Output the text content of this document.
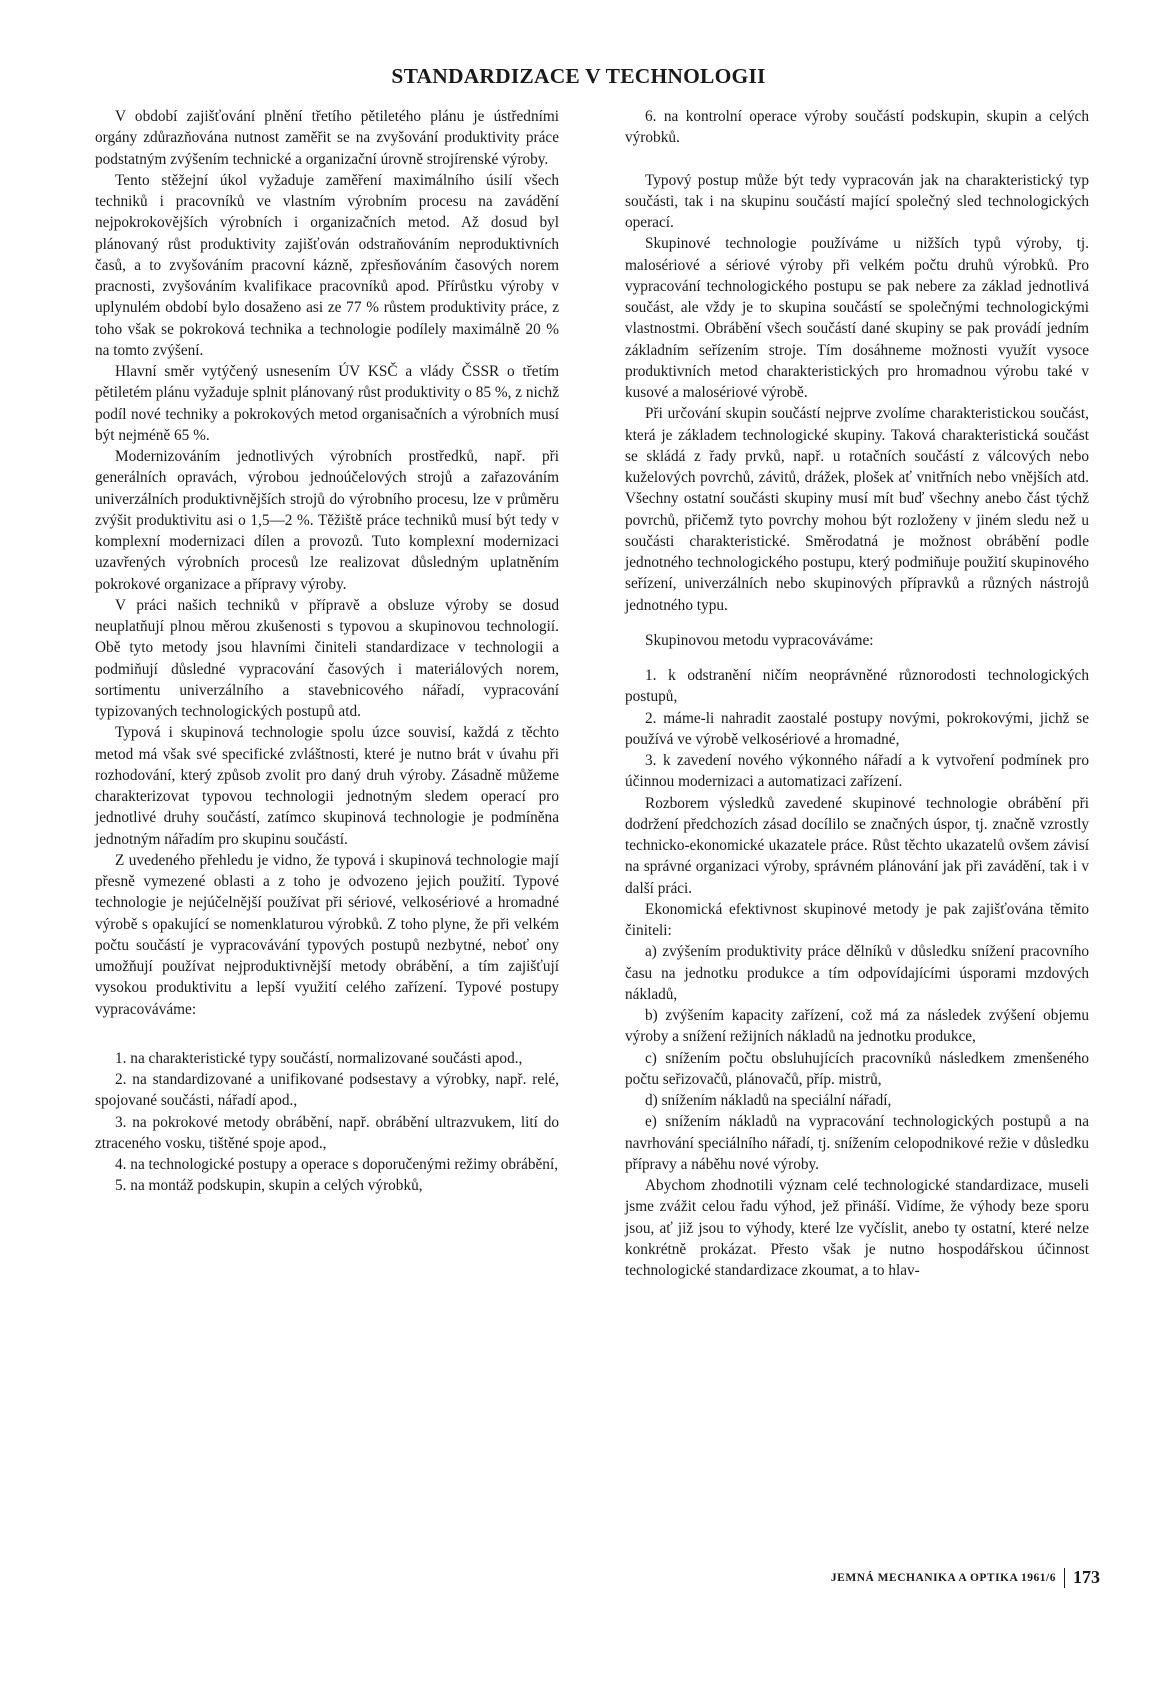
STANDARDIZACE V TECHNOLOGII

V období zajišťování plnění třetího pětiletého plánu je ústředními orgány zdůrazňována nutnost zaměřit se na zvyšování produktivity práce podstatným zvýšením technické a organizační úrovně strojírenské výroby.

Tento stěžejní úkol vyžaduje zaměření maximálního úsilí všech techniků i pracovníků ve vlastním výrobním procesu na zavádění nejpokrokovějších výrobních i organizačních metod. Až dosud byl plánovaný růst produktivity zajišťován odstraňováním neproduktivních časů, a to zvyšováním pracovní kázně, zpřesňováním časových norem pracnosti, zvyšováním kvalifikace pracovníků apod. Přírůstku výroby v uplynulém období bylo dosaženo asi ze 77 % růstem produktivity práce, z toho však se pokroková technika a technologie podílely maximálně 20 % na tomto zvýšení.

Hlavní směr vytýčený usnesením ÚV KSČ a vlády ČSSR o třetím pětiletém plánu vyžaduje splnit plánovaný růst produktivity o 85 %, z nichž podíl nové techniky a pokrokových metod organisačních a výrobních musí být nejméně 65 %.

Modernizováním jednotlivých výrobních prostředků, např. při generálních opravách, výrobou jednoúčelových strojů a zařazováním univerzálních produktivnějších strojů do výrobního procesu, lze v průměru zvýšit produktivitu asi o 1,5—2 %. Těžiště práce techniků musí být tedy v komplexní modernizaci dílen a provozů. Tuto komplexní modernizaci uzavřených výrobních procesů lze realizovat důsledným uplatněním pokrokové organizace a přípravy výroby.

V práci našich techniků v přípravě a obsluze výroby se dosud neuplatňují plnou měrou zkušenosti s typovou a skupinovou technologií. Obě tyto metody jsou hlavními činiteli standardizace v technologii a podmiňují důsledné vypracování časových i materiálových norem, sortimentu univerzálního a stavebnicového nářadí, vypracování typizovaných technologických postupů atd.

Typová i skupinová technologie spolu úzce souvisí, každá z těchto metod má však své specifické zvláštnosti, které je nutno brát v úvahu při rozhodování, který způsob zvolit pro daný druh výroby. Zásadně můžeme charakterizovat typovou technologii jednotným sledem operací pro jednotlivé druhy součástí, zatímco skupinová technologie je podmíněna jednotným nářadím pro skupinu součástí.

Z uvedeného přehledu je vidno, že typová i skupinová technologie mají přesně vymezené oblasti a z toho je odvozeno jejich použití. Typové technologie je nejúčelnější používat při sériové, velkosériové a hromadné výrobě s opakující se nomenklaturou výrobků. Z toho plyne, že při velkém počtu součástí je vypracovávání typových postupů nezbytné, neboť ony umožňují používat nejproduktivnější metody obrábění, a tím zajišťují vysokou produktivitu a lepší využití celého zařízení. Typové postupy vypracováváme:

1. na charakteristické typy součástí, normalizované součásti apod.,

2. na standardizované a unifikované podsestavy a výrobky, např. relé, spojované součásti, nářadí apod.,

3. na pokrokové metody obrábění, např. obrábění ultrazvukem, lití do ztraceného vosku, tištěné spoje apod.,

4. na technologické postupy a operace s doporučenými režimy obrábění,

5. na montáž podskupin, skupin a celých výrobků,

6. na kontrolní operace výroby součástí podskupin, skupin a celých výrobků.

Typový postup může být tedy vypracován jak na charakteristický typ součásti, tak i na skupinu součástí mající společný sled technologických operací.

Skupinové technologie používáme u nižších typů výroby, tj. malosériové a sériové výroby při velkém počtu druhů výrobků. Pro vypracování technologického postupu se pak nebere za základ jednotlivá součást, ale vždy je to skupina součástí se společnými technologickými vlastnostmi. Obrábění všech součástí dané skupiny se pak provádí jedním základním seřízením stroje. Tím dosáhneme možnosti využít vysoce produktivních metod charakteristických pro hromadnou výrobu také v kusové a malosériové výrobě.

Při určování skupin součástí nejprve zvolíme charakteristickou součást, která je základem technologické skupiny. Taková charakteristická součást se skládá z řady prvků, např. u rotačních součástí z válcových nebo kuželových povrchů, závitů, drážek, plošek ať vnitřních nebo vnějších atd. Všechny ostatní součásti skupiny musí mít buď všechny anebo část týchž povrchů, přičemž tyto povrchy mohou být rozloženy v jiném sledu než u součásti charakteristické. Směrodatná je možnost obrábění podle jednotného technologického postupu, který podmiňuje použití skupinového seřízení, univerzálních nebo skupinových přípravků a různých nástrojů jednotného typu.

Skupinovou metodu vypracováváme:

1. k odstranění ničím neoprávněné různorodosti technologických postupů,

2. máme-li nahradit zaostalé postupy novými, pokrokovými, jichž se používá ve výrobě velkosériové a hromadné,

3. k zavedení nového výkonného nářadí a k vytvoření podmínek pro účinnou modernizaci a automatizaci zařízení.

Rozborem výsledků zavedené skupinové technologie obrábění při dodržení předchozích zásad docílilo se značných úspor, tj. značně vzrostly technicko-ekonomické ukazatele práce. Růst těchto ukazatelů ovšem závisí na správné organizaci výroby, správném plánování jak při zavádění, tak i v další práci.

Ekonomická efektivnost skupinové metody je pak zajišťována těmito činiteli:

a) zvýšením produktivity práce dělníků v důsledku snížení pracovního času na jednotku produkce a tím odpovídajícími úsporami mzdových nákladů,

b) zvýšením kapacity zařízení, což má za následek zvýšení objemu výroby a snížení režijních nákladů na jednotku produkce,

c) snížením počtu obsluhujících pracovníků následkem zmenšeného počtu seřizovačů, plánovačů, příp. mistrů,

d) snížením nákladů na speciální nářadí,

e) snížením nákladů na vypracování technologických postupů a na navrhování speciálního nářadí, tj. snížením celopodnikové režie v důsledku přípravy a náběhu nové výroby.

Abychom zhodnotili význam celé technologické standardizace, museli jsme zvážit celou řadu výhod, jež přináší. Vidíme, že výhody beze sporu jsou, ať již jsou to výhody, které lze vyčíslit, anebo ty ostatní, které nelze konkrétně prokázat. Přesto však je nutno hospodářskou účinnost technologické standardizace zkoumat, a to hlav-

JEMNÁ MECHANIKA A OPTIKA 1961/6 173
